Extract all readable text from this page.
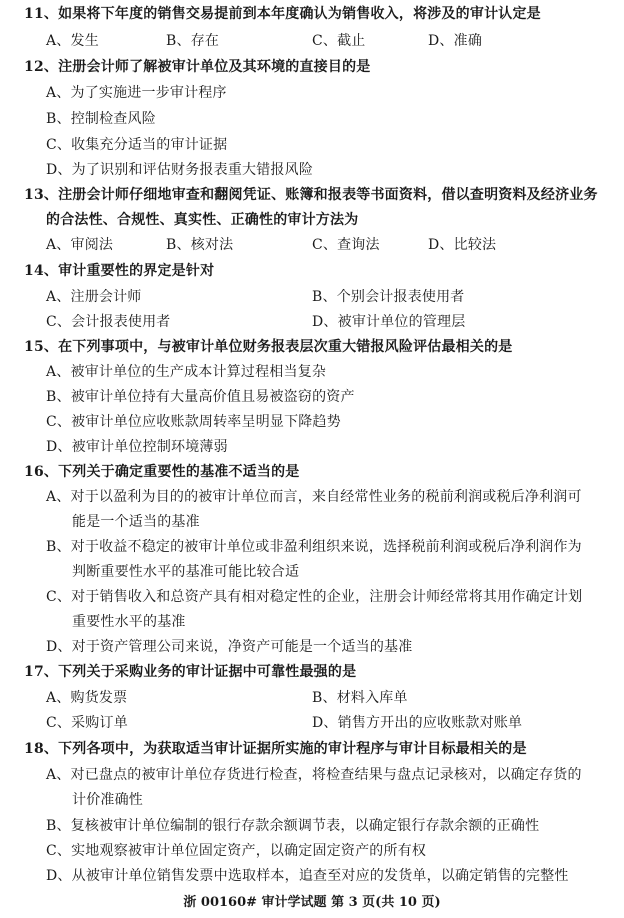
11、如果将下年度的销售交易提前到本年度确认为销售收入，将涉及的审计认定是
A、发生	B、存在	C、截止	D、准确
12、注册会计师了解被审计单位及其环境的直接目的是
A、为了实施进一步审计程序
B、控制检查风险
C、收集充分适当的审计证据
D、为了识别和评估财务报表重大错报风险
13、注册会计师仔细地审查和翻阅凭证、账簿和报表等书面资料，借以查明资料及经济业务
的合法性、合规性、真实性、正确性的审计方法为
A、审阅法	B、核对法	C、查询法	D、比较法
14、审计重要性的界定是针对
A、注册会计师	B、个别会计报表使用者
C、会计报表使用者	D、被审计单位的管理层
15、在下列事项中，与被审计单位财务报表层次重大错报风险评估最相关的是
A、被审计单位的生产成本计算过程相当复杂
B、被审计单位持有大量高价值且易被盗窃的资产
C、被审计单位应收账款周转率呈明显下降趋势
D、被审计单位控制环境薄弱
16、下列关于确定重要性的基准不适当的是
A、对于以盈利为目的的被审计单位而言，来自经常性业务的税前利润或税后净利润可
能是一个适当的基准
B、对于收益不稳定的被审计单位或非盈利组织来说，选择税前利润或税后净利润作为
判断重要性水平的基准可能比较合适
C、对于销售收入和总资产具有相对稳定性的企业，注册会计师经常将其用作确定计划
重要性水平的基准
D、对于资产管理公司来说，净资产可能是一个适当的基准
17、下列关于采购业务的审计证据中可靠性最强的是
A、购货发票	B、材料入库单
C、采购订单	D、销售方开出的应收账款对账单
18、下列各项中，为获取适当审计证据所实施的审计程序与审计目标最相关的是
A、对已盘点的被审计单位存货进行检查，将检查结果与盘点记录核对，以确定存货的
计价准确性
B、复核被审计单位编制的银行存款余额调节表，以确定银行存款余额的正确性
C、实地观察被审计单位固定资产，以确定固定资产的所有权
D、从被审计单位销售发票中选取样本，追查至对应的发货单，以确定销售的完整性
浙 00160# 审计学试题 第 3 页(共 10 页)
